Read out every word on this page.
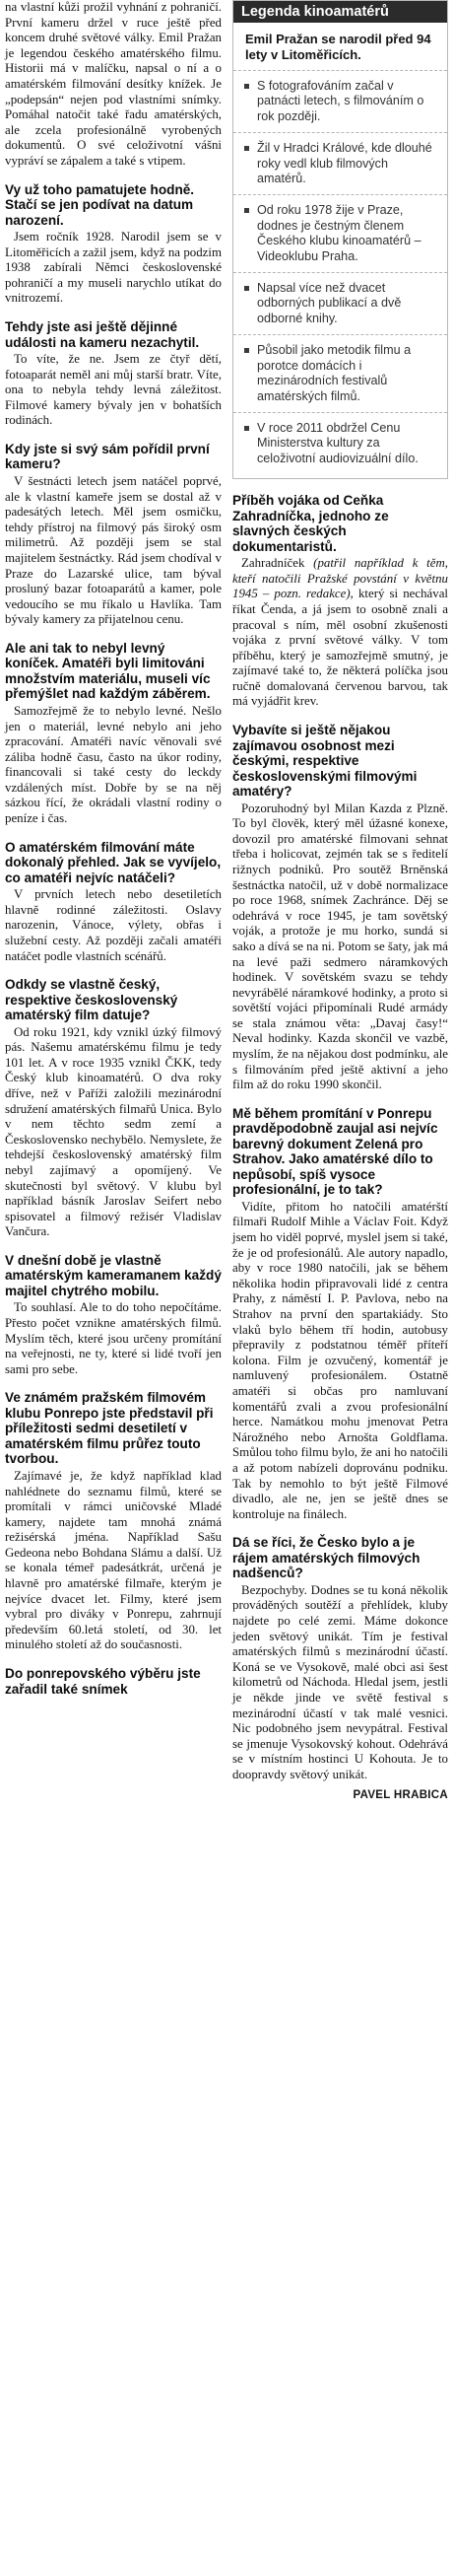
na vlastní kůži prožil vyhnání z pohraničí. První kameru držel v ruce ještě před koncem druhé světové války. Emil Pražan je legendou českého amatérského filmu. Historii má v malíčku, napsal o ní a o amatérském filmování desítky knížek. Je „podepsán“ nejen pod vlastními snímky. Pomáhal natočit také řadu amatérských, ale zcela profesionálně vyrobených dokumentů. O své celoživotní vášni vypráví se zápalem a také s vtipem.
Vy už toho pamatujete hodně. Stačí se jen podívat na datum narození.
Jsem ročník 1928. Narodil jsem se v Litoměřicích a zažil jsem, když na podzim 1938 zabírali Němci československé pohraničí a my museli narychlo utíkat do vnitrozemí.
Tehdy jste asi ještě dějinné události na kameru nezachytil.
To víte, že ne. Jsem ze čtyř dětí, fotoaparát neměl ani můj starší bratr. Víte, ona to nebyla tehdy levná záležitost. Filmové kamery bývaly jen v bohatších rodinách.
Kdy jste si svý sám pořídil první kameru?
V šestnácti letech jsem natáčel poprvé, ale k vlastní kameře jsem se dostal až v padesátých letech. Měl jsem osmičku, tehdy přístroj na filmový pás široký osm milimetrů. Až později jsem se stal majitelem šestnáctky. Rád jsem chodíval v Praze do Lazarské ulice, tam býval prosluný bazar fotoaparátů a kamer, pole vedoucího se mu říkalo u Havlíka. Tam bývaly kamery za přijatelnou cenu.
Ale ani tak to nebyl levný koníček. Amatéři byli limitováni množstvím materiálu, museli víc přemýšlet nad každým záběrem.
Samozřejmě že to nebylo levné. Nešlo jen o materiál, levné nebylo ani jeho zpracování. Amatéři navíc věnovali své záliba hodně času, často na úkor rodiny, financovali si také cesty do leckdy vzdálených míst. Dobře by se na něj sázkou řící, že okrádali vlastní rodiny o peníze i čas.
O amatérském filmování máte dokonalý přehled. Jak se vyvíjelo, co amatéři nejvíc natáčeli?
V prvních letech nebo desetiletích hlavně rodinné záležitosti. Oslavy narozenin, Vánoce, výlety, obřas i služební cesty. Až později začali amatéři natáčet podle vlastních scénářů.
Odkdy se vlastně český, respektive československý amatérský film datuje?
Od roku 1921, kdy vznikl úzký filmový pás. Našemu amatérskému filmu je tedy 101 let. A v roce 1935 vznikl ČKK, tedy Český klub kinoamatérů. O dva roky dříve, než v Paříži založili mezinárodní sdružení amatérských filmařů Unica. Bylo v nem těchto sedm zemí a Československo nechybělo. Nemyslete, že tehdejší československý amatérský film nebyl zajímavý a opomíjený. Ve skutečnosti byl světový. V klubu byl například básník Jaroslav Seifert nebo spisovatel a filmový režisér Vladislav Vančura.
V dnešní době je vlastně amatérským kameramanem každý majitel chytrého mobilu.
To souhlasí. Ale to do toho nepočítáme. Přesto počet vznikne amatérských filmů. Myslím těch, které jsou určeny promítání na veřejnosti, ne ty, které si lidé tvoří jen sami pro sebe.
Ve známém pražském filmovém klubu Ponrepo jste představil při příležitosti sedmi desetiletí v amatérském filmu průřez touto tvorbou.
Zajímavé je, že když například klad nahlédnete do seznamu filmů, které se promítali v rámci uničovské Mladé kamery, najdete tam mnohá známá režisérská jména. Například Sašu Gedeona nebo Bohdana Slámu a další. Už se konala témeř padesátkrát, určená je hlavně pro amatérské filmaře, kterým je nejvíce dvacet let. Filmy, které jsem vybral pro diváky v Ponrepu, zahrnují především 60.letá století, od 30. let minulého století až do současnosti.
Do ponrepovského výběru jste zařadil také snímek
Legenda kinoamatérů
Emil Pražan se narodil před 94 lety v Litoměřicích.
S fotografováním začal v patnácti letech, s filmováním o rok později.
Žil v Hradci Králové, kde dlouhé roky vedl klub filmových amatérů.
Od roku 1978 žije v Praze, dodnes je čestným členem Českého klubu kinoamatérů – Videoklubu Praha.
Napsal více než dvacet odborných publikací a dvě odborné knihy.
Působil jako metodik filmu a porotce domácích i mezinárodních festivalů amatérských filmů.
V roce 2011 obdržel Cenu Ministerstva kultury za celoživotní audiovizuální dílo.
Příběh vojáka od Ceňka Zahradníčka, jednoho ze slavných českých dokumentaristů.
Zahradníček (patřil například k těm, kteří natočili Pražské povstání v květnu 1945 – pozn. redakce), který si nechával říkat Čenda, a já jsem to osobně znali a pracoval s ním, měl osobní zkušenosti vojáka z první světové války. V tom příběhu, který je samozřejmě smutný, je zajímavé také to, že některá políčka jsou ručně domalovaná červenou barvou, tak má vyjádřit krev.
Vybavíte si ještě nějakou zajímavou osobnost mezi českými, respektive československými filmovými amatéry?
Pozoruhodný byl Milan Kazda z Plzně. To byl člověk, který měl úžasné konexe, dovozil pro amatérské filmovani sehnat třeba i holicovat, zejmén tak se s ředitelí rižnych podniků. Pro soutěž Brněnská šestnáctka natočil, už v době normalizace po roce 1968, snímek Zachránce. Děj se odehrává v roce 1945, je tam sovětský voják, a protože je mu horko, sundá si sako a dívá se na ni. Potom se šaty, jak má na levé paži sedmero náramkových hodinek. V sovětském svazu se tehdy nevyrábělé náramkové hodinky, a proto si sovětští vojáci připomínali Rudé armády se stala známou věta: „Davaj časy!“ Neval hodinky. Kazda skončil ve vazbě, myslím, že na nějakou dost podmínku, ale s filmováním před ještě aktivní a jeho film až do roku 1990 skončil.
Mě během promítání v Ponrepu pravděpodobně zaujal asi nejvíc barevný dokument Zelená pro Strahov. Jako amatérské dílo to nepůsobí, spíš vysoce profesionální, je to tak?
Vidíte, přitom ho natočili amatérští filmaři Rudolf Mihle a Václav Foit. Když jsem ho viděl poprvé, myslel jsem si také, že je od profesionálů. Ale autory napadlo, aby v roce 1980 natočili, jak se během několika hodin připravovali lidé z centra Prahy, z náměstí I. P. Pavlova, nebo na Strahov na první den spartakiády. Sto vlaků bylo během tří hodin, autobusy přepravily z podstatnou téměř příteří kolona. Film je ozvučený, komentář je namluvený profesionálem. Ostatně amatéři si občas pro namluvaní komentářů zvali a zvou profesionální herce. Namátkou mohu jmenovat Petra Nárožného nebo Arnošta Goldflama. Smůlou toho filmu bylo, že ani ho natočili a až potom nabízeli doprovánu podniku. Tak by nemohlo to být ještě Filmové divadlo, ale ne, jen se ještě dnes se kontroluje na finálech.
Dá se říci, že Česko bylo a je rájem amatérských filmových nadšenců?
Bezpochyby. Dodnes se tu koná několik prováděných soutěží a přehlídek, kluby najdete po celé zemi. Máme dokonce jeden světový unikát. Tím je festival amatérských filmů s mezinárodní účastí. Koná se ve Vysokově, malé obci asi šest kilometrů od Náchoda. Hledal jsem, jestli je někde jinde ve světě festival s mezinárodní účastí v tak malé vesnici. Nic podobného jsem nevypátral. Festival se jmenuje Vysokovský kohout. Odehrává se v místním hostinci U Kohouta. Je to doopravdy světový unikát.
PAVEL HRABICA
